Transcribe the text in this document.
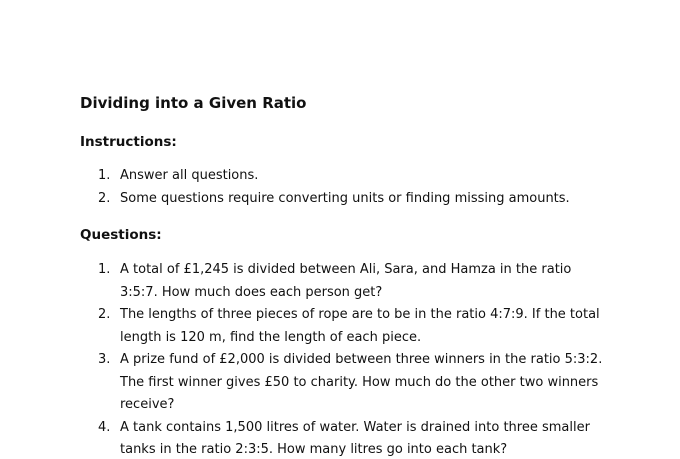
Dividing into a Given Ratio
Instructions:
1. Answer all questions.
2. Some questions require converting units or finding missing amounts.
Questions:
1. A total of £1,245 is divided between Ali, Sara, and Hamza in the ratio 3:5:7. How much does each person get?
2. The lengths of three pieces of rope are to be in the ratio 4:7:9. If the total length is 120 m, find the length of each piece.
3. A prize fund of £2,000 is divided between three winners in the ratio 5:3:2. The first winner gives £50 to charity. How much do the other two winners receive?
4. A tank contains 1,500 litres of water. Water is drained into three smaller tanks in the ratio 2:3:5. How many litres go into each tank?
